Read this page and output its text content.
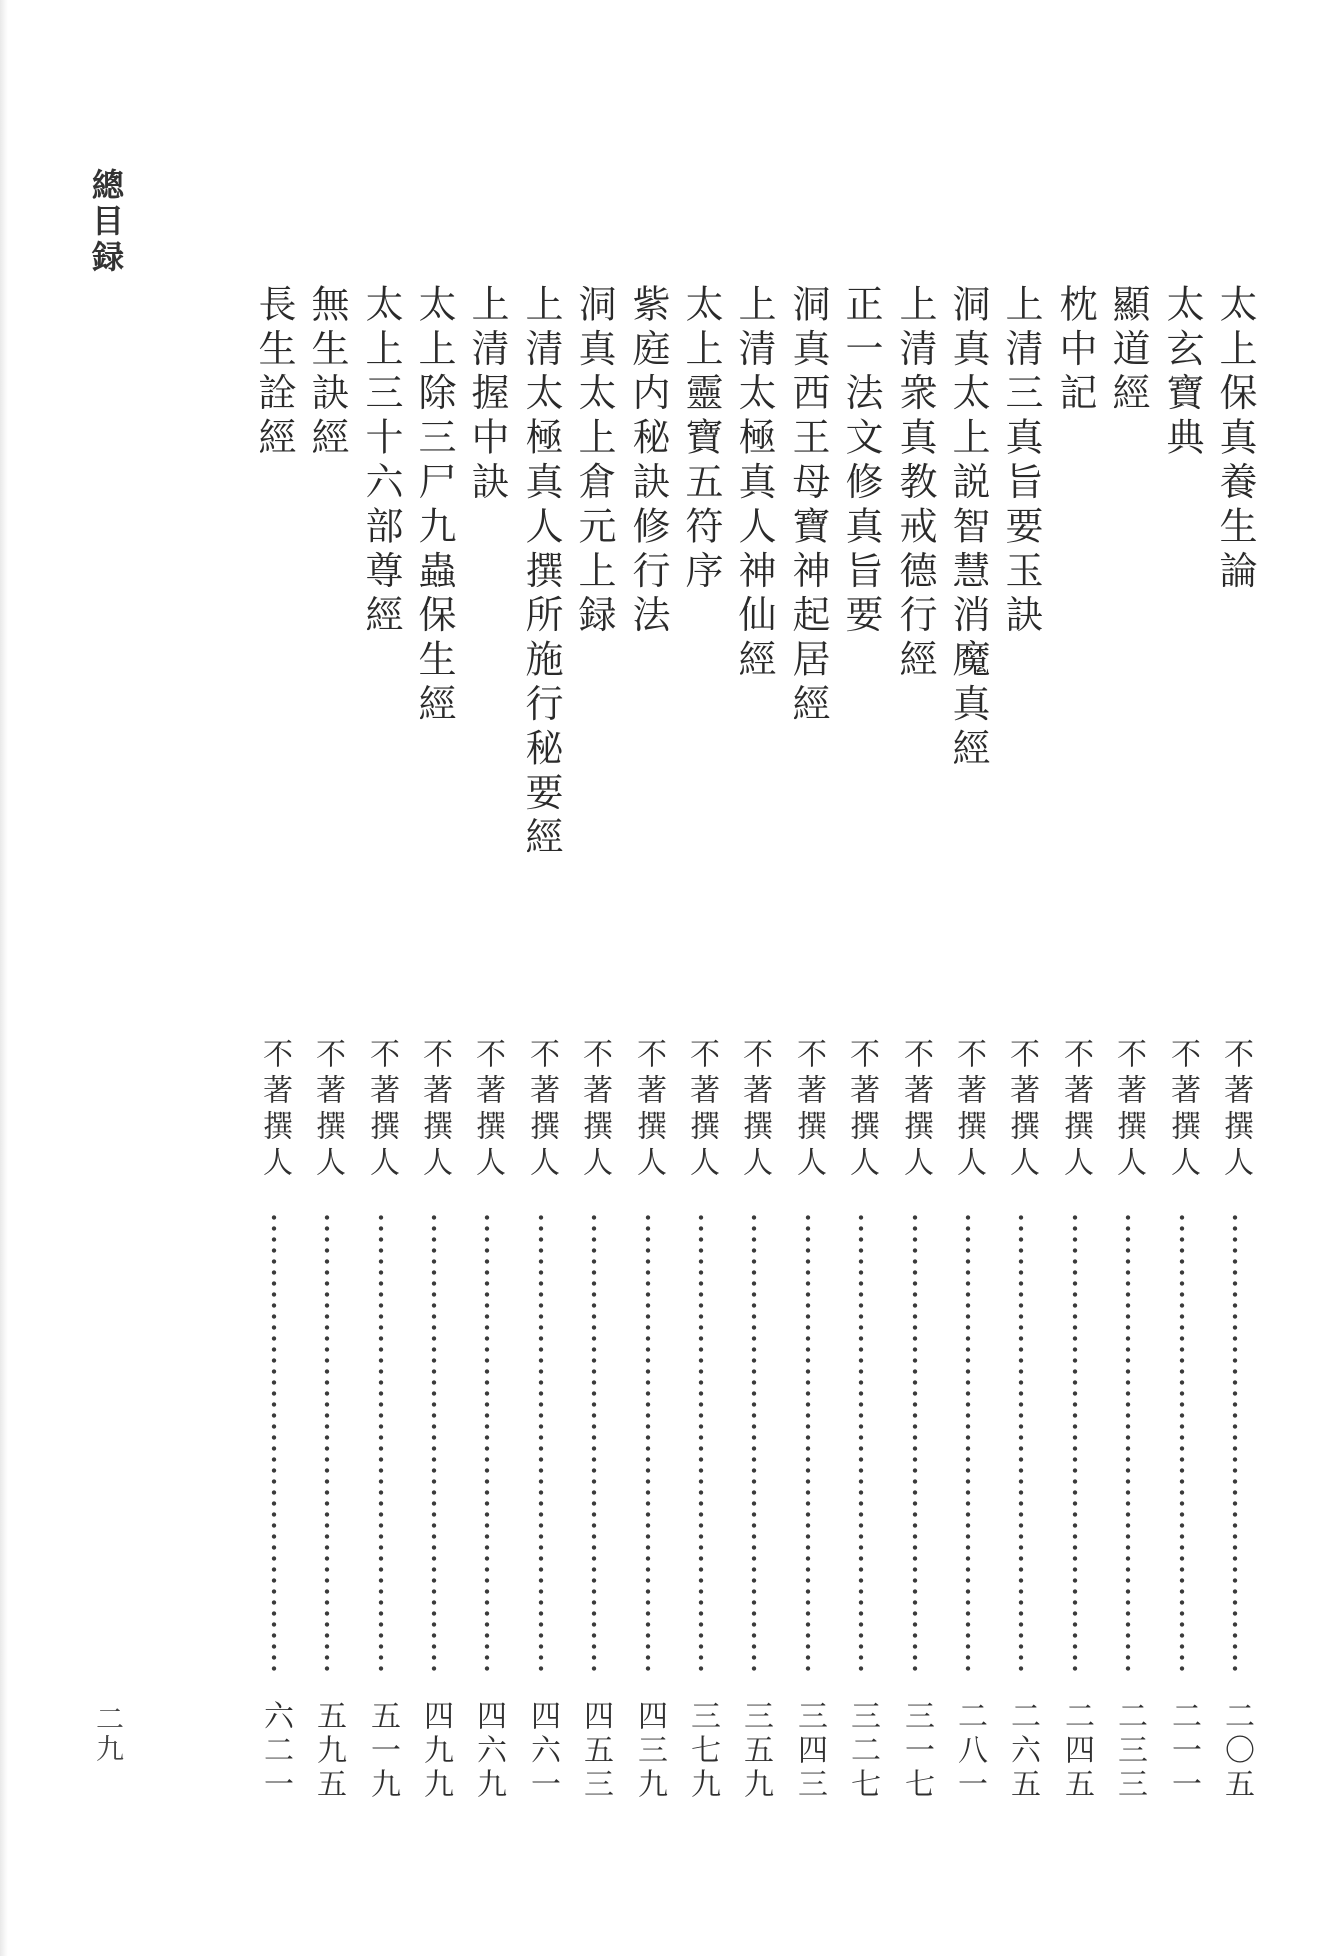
總目録
太上保真養生論
不著撰人
二〇五
太玄寶典
不著撰人
二一一
顯道經
不著撰人
二三三
枕中記
不著撰人
二四五
上清三真旨要玉訣
不著撰人
二六五
洞真太上説智慧消魔真經
不著撰人
二八一
上清衆真教戒德行經
不著撰人
三一七
正一法文修真旨要
不著撰人
三二七
洞真西王母寶神起居經
不著撰人
三四三
上清太極真人神仙經
不著撰人
三五九
太上靈寶五符序
不著撰人
三七九
紫庭内秘訣修行法
不著撰人
四三九
洞真太上倉元上録
不著撰人
四五三
上清太極真人撰所施行秘要經
不著撰人
四六一
上清握中訣
不著撰人
四六九
太上除三尸九蟲保生經
不著撰人
四九九
太上三十六部尊經
不著撰人
五一九
無生訣經
不著撰人
五九五
長生詮經
不著撰人
六二一
二九
